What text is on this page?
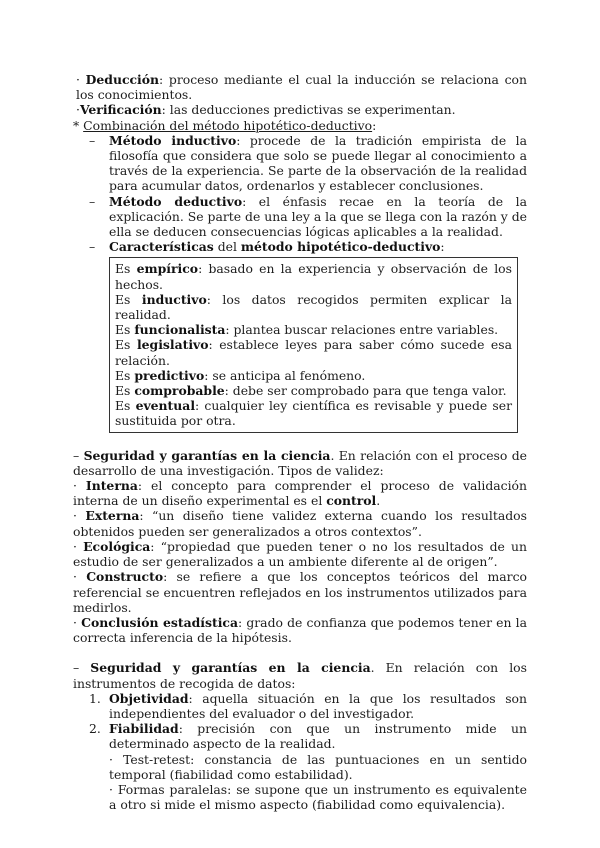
· Deducción: proceso mediante el cual la inducción se relaciona con los conocimientos.

·Verificación: las deducciones predictivas se experimentan.

* Combinación del método hipotético-deductivo:

– Método inductivo: procede de la tradición empirista de la filosofía que considera que solo se puede llegar al conocimiento a través de la experiencia. Se parte de la observación de la realidad para acumular datos, ordenarlos y establecer conclusiones.
– Método deductivo: el énfasis recae en la teoría de la explicación. Se parte de una ley a la que se llega con la razón y de ella se deducen consecuencias lógicas aplicables a la realidad.
– Características del método hipotético-deductivo:

Es empírico: basado en la experiencia y observación de los hechos.

Es inductivo: los datos recogidos permiten explicar la realidad.

Es funcionalista: plantea buscar relaciones entre variables.

Es legislativo: establece leyes para saber cómo sucede esa relación.

Es predictivo: se anticipa al fenómeno.

Es comprobable: debe ser comprobado para que tenga valor.

Es eventual: cualquier ley científica es revisable y puede ser sustituida por otra.

– Seguridad y garantías en la ciencia. En relación con el proceso de desarrollo de una investigación. Tipos de validez:

· Interna: el concepto para comprender el proceso de validación interna de un diseño experimental es el control.

· Externa: “un diseño tiene validez externa cuando los resultados obtenidos pueden ser generalizados a otros contextos”.

· Ecológica: “propiedad que pueden tener o no los resultados de un estudio de ser generalizados a un ambiente diferente al de origen”.

· Constructo: se refiere a que los conceptos teóricos del marco referencial se encuentren reflejados en los instrumentos utilizados para medirlos.

· Conclusión estadística: grado de confianza que podemos tener en la correcta inferencia de la hipótesis.

– Seguridad y garantías en la ciencia. En relación con los instrumentos de recogida de datos:

1. Objetividad: aquella situación en la que los resultados son independientes del evaluador o del investigador.
2. Fiabilidad: precisión con que un instrumento mide un determinado aspecto de la realidad.
· Test-retest: constancia de las puntuaciones en un sentido temporal (fiabilidad como estabilidad).
· Formas paralelas: se supone que un instrumento es equivalente a otro si mide el mismo aspecto (fiabilidad como equivalencia).
